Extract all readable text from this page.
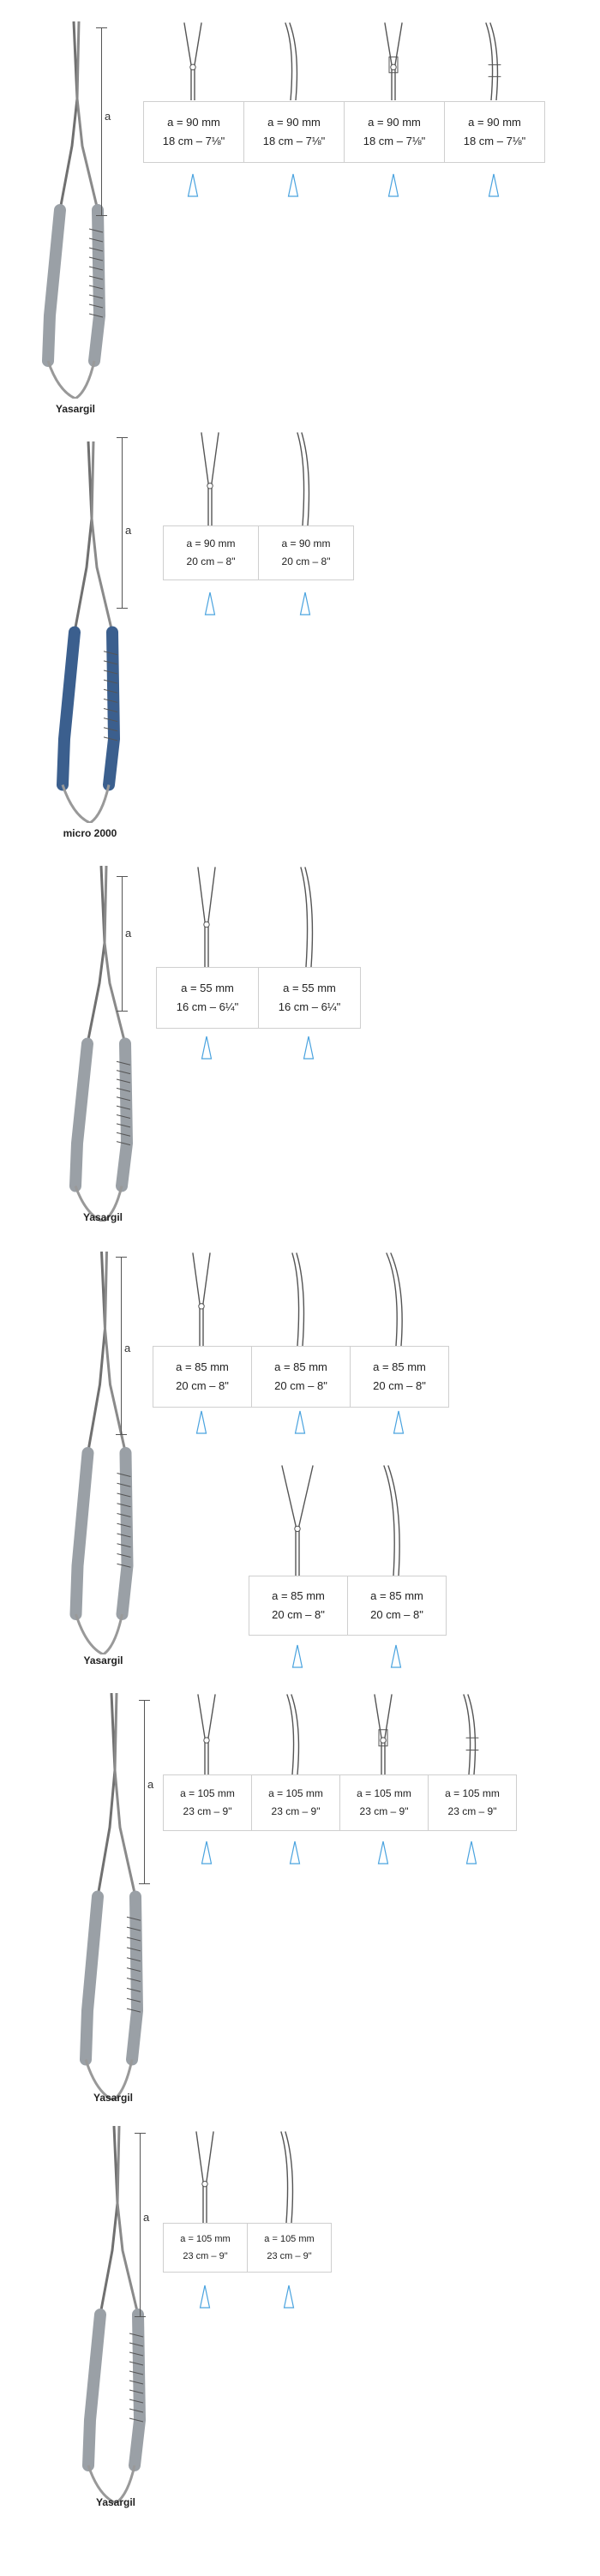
a
Yasargil
a = 90 mm
18 cm – 7⅛"
a = 90 mm
18 cm – 7⅛"
a = 90 mm
18 cm – 7⅛"
a = 90 mm
18 cm – 7⅛"
a
micro 2000
a = 90 mm
20 cm – 8"
a = 90 mm
20 cm – 8"
a
Yasargil
a = 55 mm
16 cm – 6¼"
a = 55 mm
16 cm – 6¼"
a
Yasargil
a = 85 mm
20 cm – 8"
a = 85 mm
20 cm – 8"
a = 85 mm
20 cm – 8"
a = 85 mm
20 cm – 8"
a = 85 mm
20 cm – 8"
a
Yasargil
a = 105 mm
23 cm – 9"
a = 105 mm
23 cm – 9"
a = 105 mm
23 cm – 9"
a = 105 mm
23 cm – 9"
a
Yasargil
a = 105 mm
23 cm – 9"
a = 105 mm
23 cm – 9"
